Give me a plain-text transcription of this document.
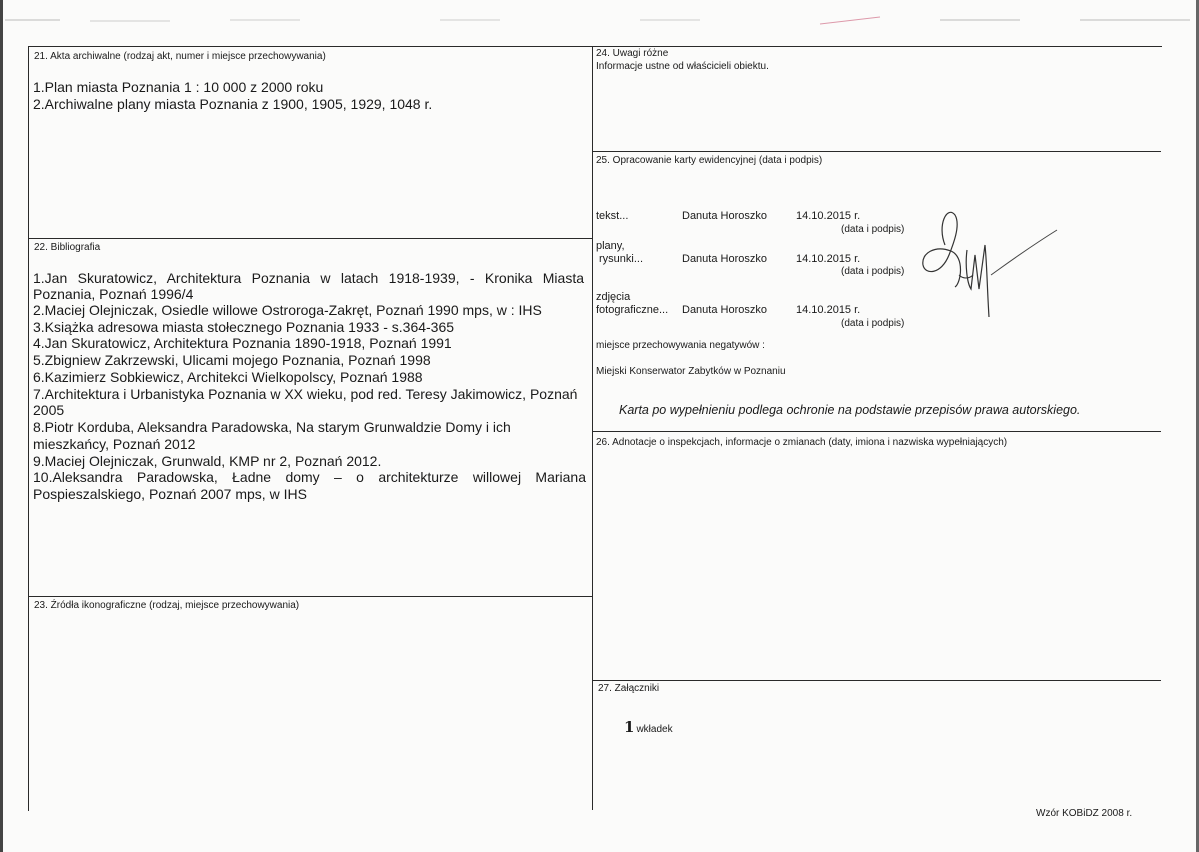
21. Akta archiwalne (rodzaj akt, numer i miejsce przechowywania)
1.Plan miasta Poznania 1 : 10 000 z 2000 roku
2.Archiwalne plany miasta Poznania z 1900, 1905, 1929, 1048 r.
22. Bibliografia
1.Jan Skuratowicz, Architektura Poznania w latach 1918-1939, - Kronika Miasta
Poznania, Poznań 1996/4
2.Maciej Olejniczak, Osiedle willowe Ostroroga-Zakręt, Poznań 1990 mps, w : IHS
3.Książka adresowa miasta stołecznego Poznania 1933 - s.364-365
4.Jan Skuratowicz, Architektura Poznania 1890-1918, Poznań 1991
5.Zbigniew Zakrzewski, Ulicami mojego Poznania, Poznań 1998
6.Kazimierz Sobkiewicz, Architekci Wielkopolscy, Poznań 1988
7.Architektura i Urbanistyka Poznania w XX wieku, pod red. Teresy Jakimowicz, Poznań
2005
8.Piotr Korduba, Aleksandra Paradowska, Na starym Grunwaldzie Domy i ich
mieszkańcy, Poznań 2012
9.Maciej Olejniczak, Grunwald, KMP nr 2, Poznań 2012.
10.Aleksandra Paradowska, Ładne domy – o architekturze willowej Mariana
Pospieszalskiego, Poznań 2007 mps, w IHS
23. Źródła ikonograficzne (rodzaj, miejsce przechowywania)
24. Uwagi różne
Informacje ustne od właścicieli obiektu.
25. Opracowanie karty ewidencyjnej (data i podpis)
tekst...	Danuta Horoszko	14.10.2015 r.
(data i podpis)
plany,
rysunki...	Danuta Horoszko	14.10.2015 r.
(data i podpis)
zdjęcia
fotograficzne... Danuta Horoszko	14.10.2015 r.
(data i podpis)
miejsce przechowywania negatywów :
Miejski Konserwator Zabytków w Poznaniu
Karta po wypełnieniu podlega ochronie na podstawie przepisów prawa autorskiego.
26. Adnotacje o inspekcjach, informacje o zmianach (daty, imiona i nazwiska wypełniających)
27. Załączniki
1 wkładek
Wzór KOBiDZ 2008 r.
